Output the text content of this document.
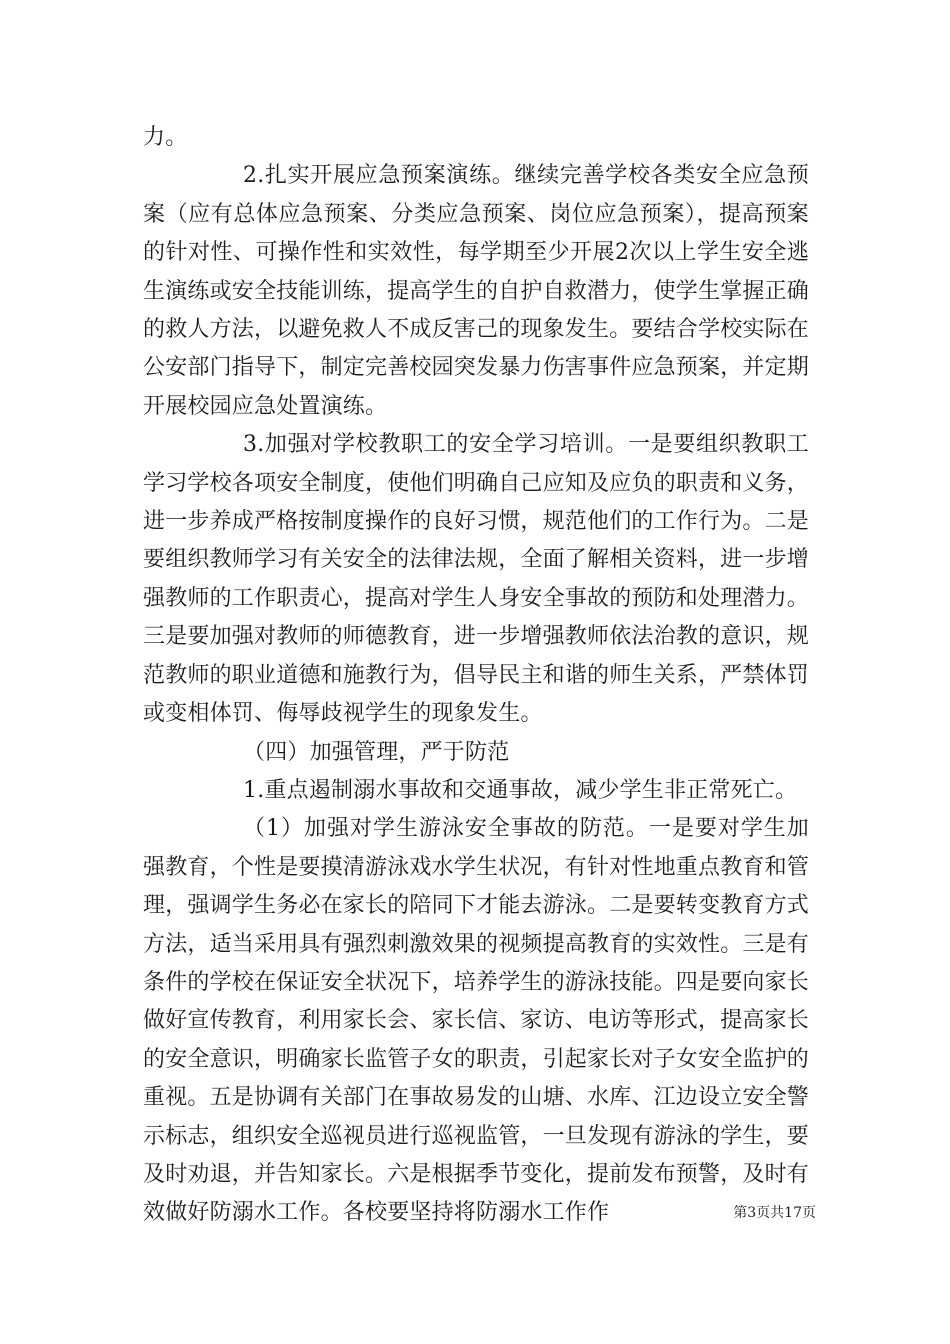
力。

2.扎实开展应急预案演练。继续完善学校各类安全应急预案（应有总体应急预案、分类应急预案、岗位应急预案），提高预案的针对性、可操作性和实效性，每学期至少开展2次以上学生安全逃生演练或安全技能训练，提高学生的自护自救潜力，使学生掌握正确的救人方法，以避免救人不成反害己的现象发生。要结合学校实际在公安部门指导下，制定完善校园突发暴力伤害事件应急预案，并定期开展校园应急处置演练。

3.加强对学校教职工的安全学习培训。一是要组织教职工学习学校各项安全制度，使他们明确自己应知及应负的职责和义务，进一步养成严格按制度操作的良好习惯，规范他们的工作行为。二是要组织教师学习有关安全的法律法规，全面了解相关资料，进一步增强教师的工作职责心，提高对学生人身安全事故的预防和处理潜力。三是要加强对教师的师德教育，进一步增强教师依法治教的意识，规范教师的职业道德和施教行为，倡导民主和谐的师生关系，严禁体罚或变相体罚、侮辱歧视学生的现象发生。

（四）加强管理，严于防范

1.重点遏制溺水事故和交通事故，减少学生非正常死亡。

（1）加强对学生游泳安全事故的防范。一是要对学生加强教育，个性是要摸清游泳戏水学生状况，有针对性地重点教育和管理，强调学生务必在家长的陪同下才能去游泳。二是要转变教育方式方法，适当采用具有强烈刺激效果的视频提高教育的实效性。三是有条件的学校在保证安全状况下，培养学生的游泳技能。四是要向家长做好宣传教育，利用家长会、家长信、家访、电访等形式，提高家长的安全意识，明确家长监管子女的职责，引起家长对子女安全监护的重视。五是协调有关部门在事故易发的山塘、水库、江边设立安全警示标志，组织安全巡视员进行巡视监管，一旦发现有游泳的学生，要及时劝退，并告知家长。六是根据季节变化，提前发布预警，及时有效做好防溺水工作。各校要坚持将防溺水工作作	第3页共17页
